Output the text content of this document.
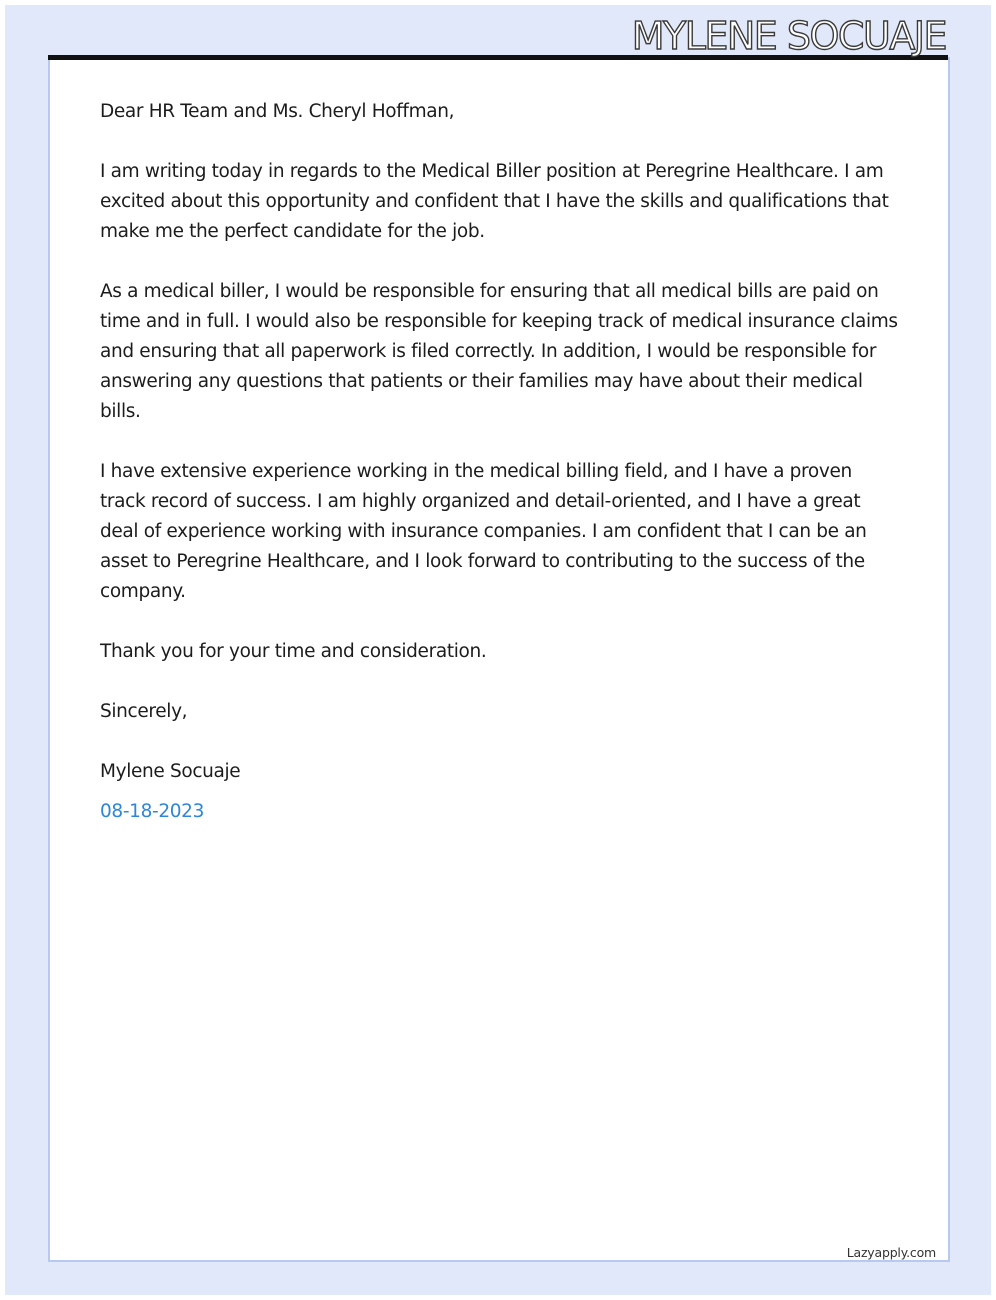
MYLENE SOCUAJE

Dear HR Team and Ms. Cheryl Hoffman,

I am writing today in regards to the Medical Biller position at Peregrine Healthcare. I am excited about this opportunity and confident that I have the skills and qualifications that make me the perfect candidate for the job.

As a medical biller, I would be responsible for ensuring that all medical bills are paid on time and in full. I would also be responsible for keeping track of medical insurance claims and ensuring that all paperwork is filed correctly. In addition, I would be responsible for answering any questions that patients or their families may have about their medical bills.

I have extensive experience working in the medical billing field, and I have a proven track record of success. I am highly organized and detail-oriented, and I have a great deal of experience working with insurance companies. I am confident that I can be an asset to Peregrine Healthcare, and I look forward to contributing to the success of the company.

Thank you for your time and consideration.

Sincerely,

Mylene Socuaje

08-18-2023

Lazyapply.com
